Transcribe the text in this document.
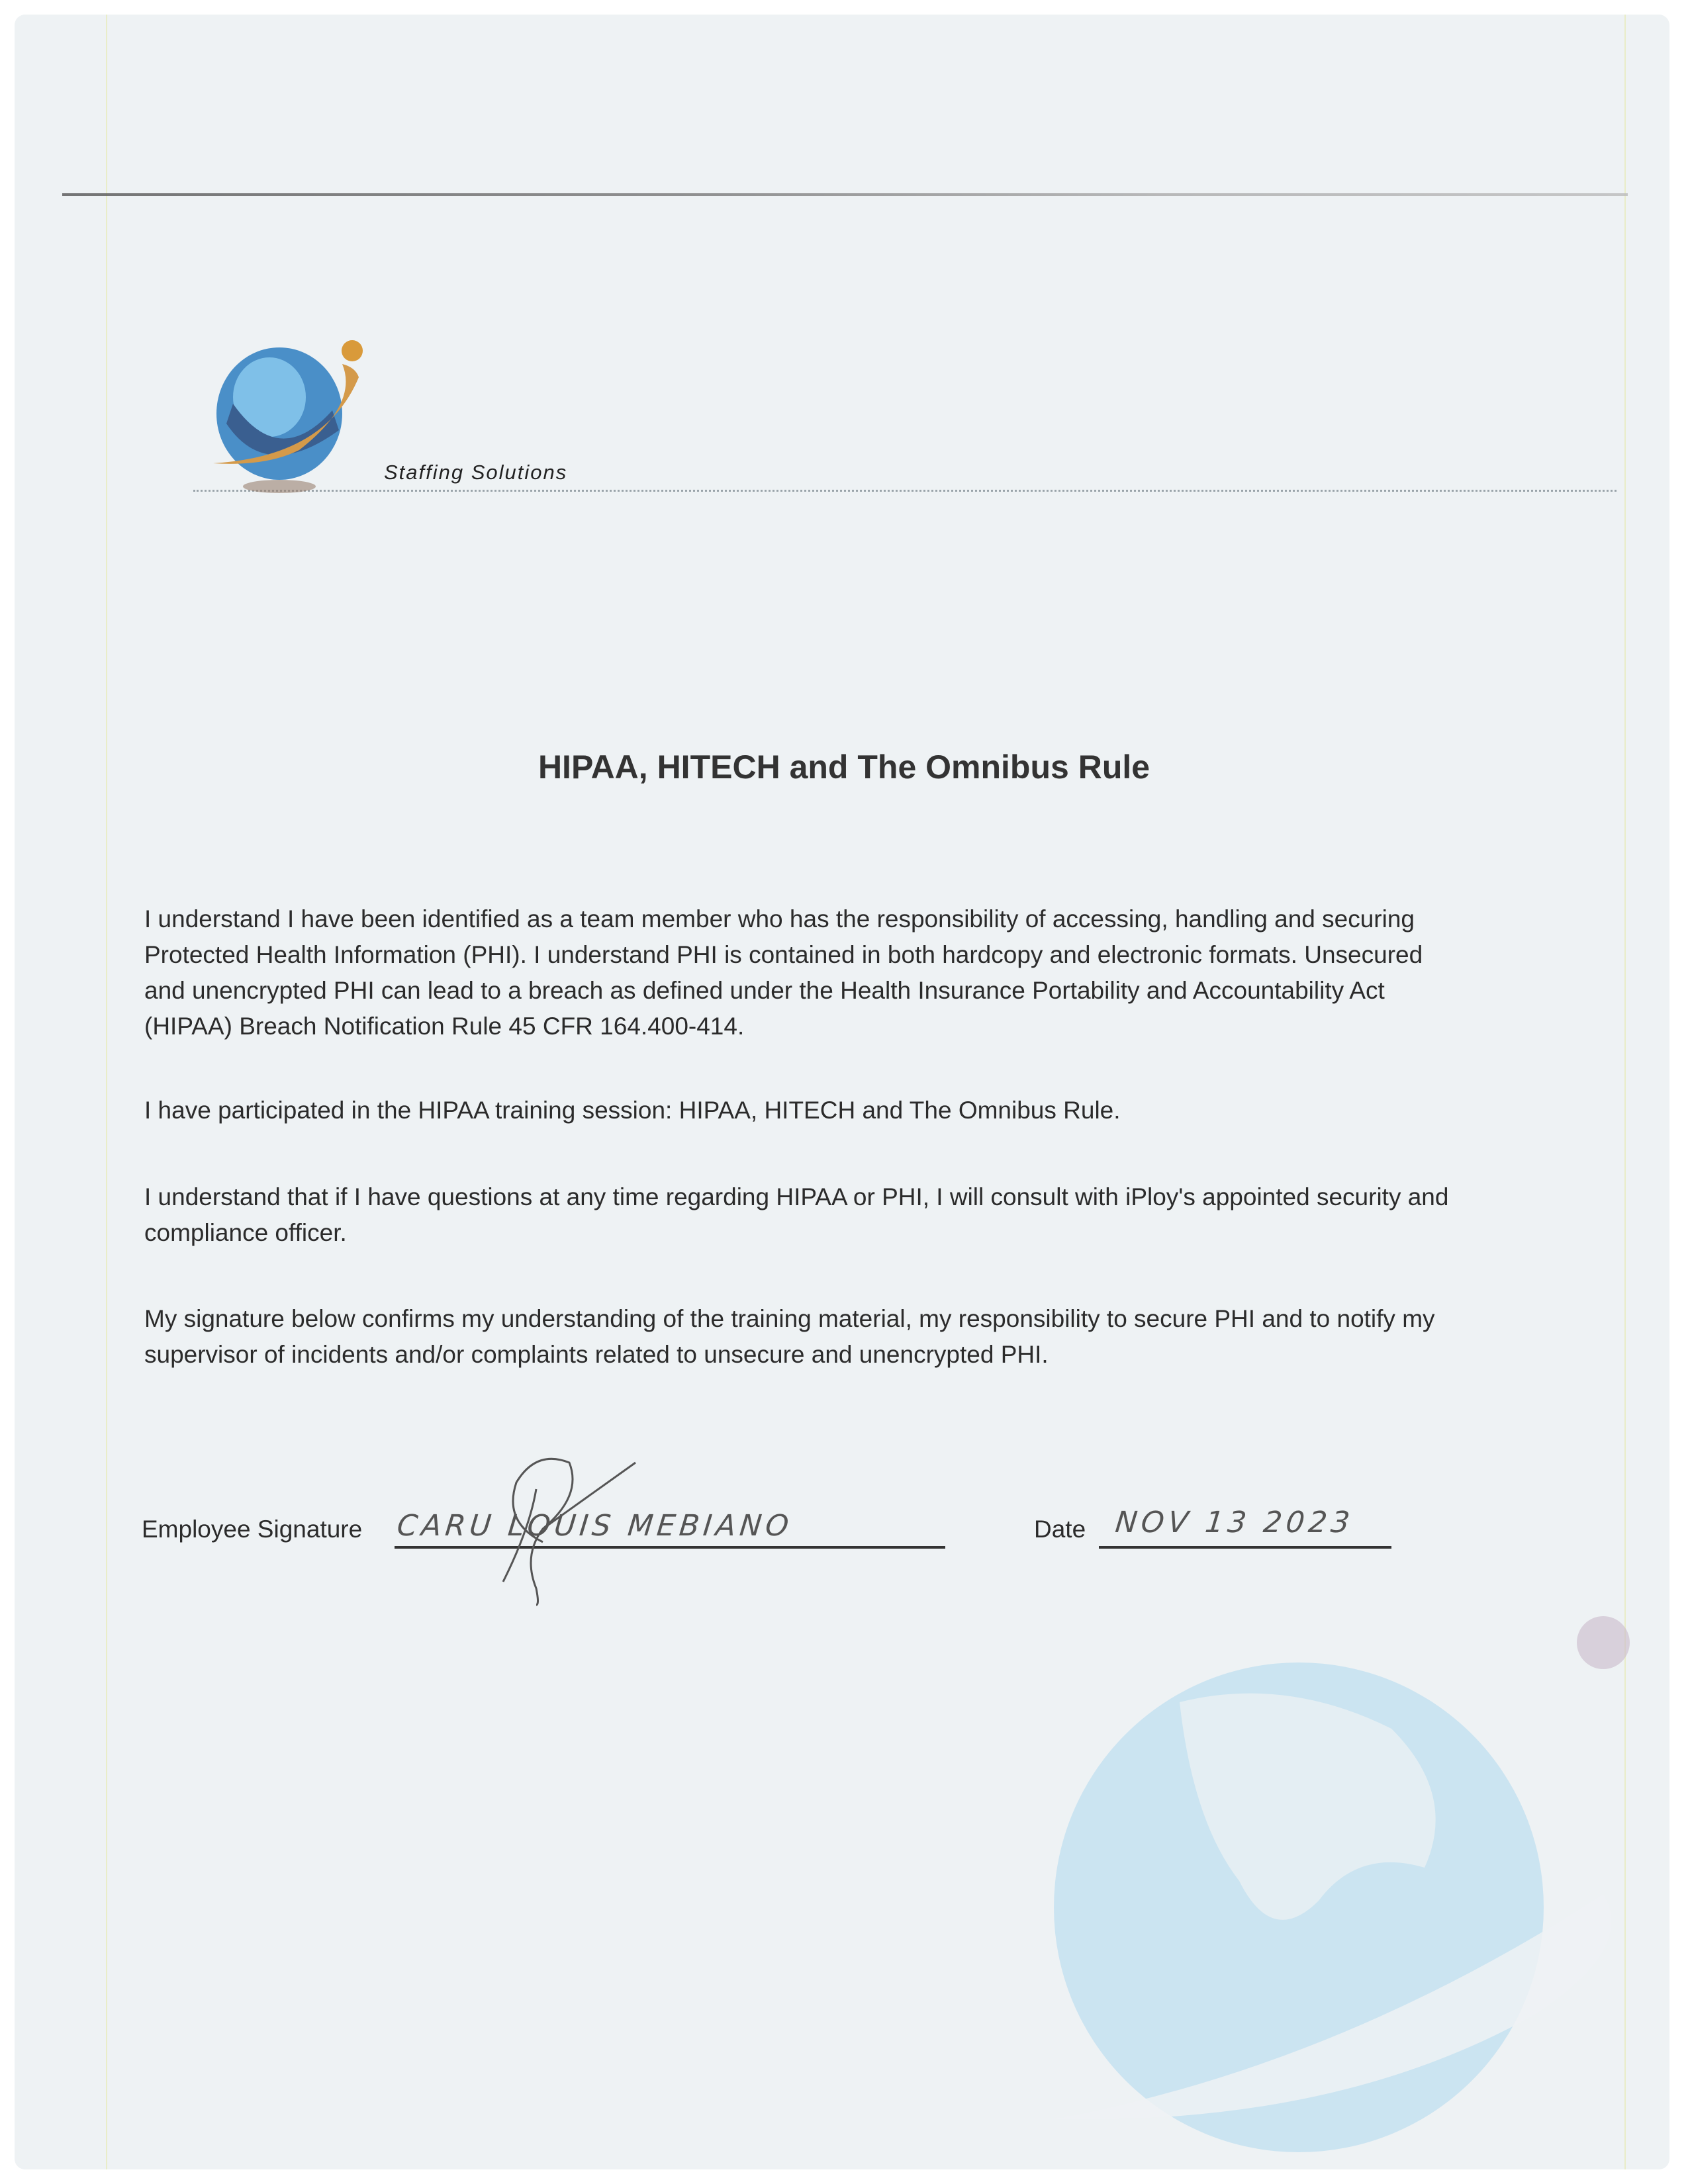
Staffing Solutions
HIPAA, HITECH and The Omnibus Rule
I understand I have been identified as a team member who has the responsibility of accessing, handling and securing
Protected Health Information (PHI). I understand PHI is contained in both hardcopy and electronic formats. Unsecured
and unencrypted PHI can lead to a breach as defined under the Health Insurance Portability and Accountability Act
(HIPAA) Breach Notification Rule 45 CFR 164.400-414.
I have participated in the HIPAA training session: HIPAA, HITECH and The Omnibus Rule.
I understand that if I have questions at any time regarding HIPAA or PHI, I will consult with iPloy's appointed security and
compliance officer.
My signature below confirms my understanding of the training material, my responsibility to secure PHI and to notify my
supervisor of incidents and/or complaints related to unsecure and unencrypted PHI.
Employee Signature CARU LOUIS MEBIANO	Date NOV 13 2023
